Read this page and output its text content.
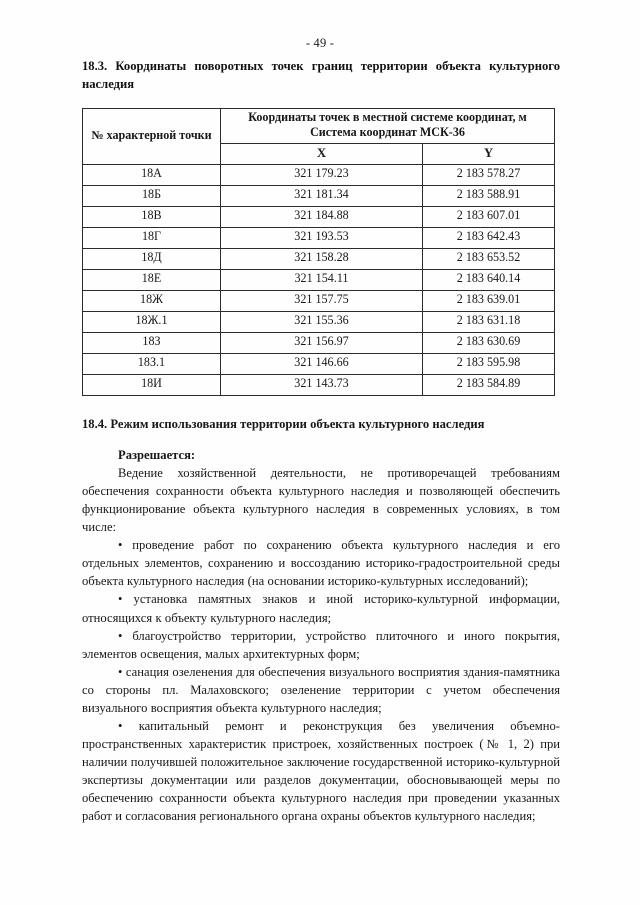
- 49 -
18.3. Координаты поворотных точек границ территории объекта культурного наследия
№ характерной точки	Координаты точек в местной системе координат, м
Система координат МСК-36	

	X	Y
18А	321 179.23	2 183 578.27
18Б	321 181.34	2 183 588.91
18В	321 184.88	2 183 607.01
18Г	321 193.53	2 183 642.43
18Д	321 158.28	2 183 653.52
18Е	321 154.11	2 183 640.14
18Ж	321 157.75	2 183 639.01
18Ж.1	321 155.36	2 183 631.18
18З	321 156.97	2 183 630.69
18З.1	321 146.66	2 183 595.98
18И	321 143.73	2 183 584.89
18.4. Режим использования территории объекта культурного наследия
Разрешается:

Ведение хозяйственной деятельности, не противоречащей требованиям обеспечения сохранности объекта культурного наследия и позволяющей обеспечить функционирование объекта культурного наследия в современных условиях, в том числе:

• проведение работ по сохранению объекта культурного наследия и его отдельных элементов, сохранению и воссозданию историко-градостроительной среды объекта культурного наследия (на основании историко-культурных исследований);

• установка памятных знаков и иной историко-культурной информации, относящихся к объекту культурного наследия;

• благоустройство территории, устройство плиточного и иного покрытия, элементов освещения, малых архитектурных форм;

• санация озеленения для обеспечения визуального восприятия здания-памятника со стороны пл. Малаховского; озеленение территории с учетом обеспечения визуального восприятия объекта культурного наследия;

• капитальный ремонт и реконструкция без увеличения объемно-пространственных характеристик пристроек, хозяйственных построек (№ 1, 2) при наличии получившей положительное заключение государственной историко-культурной экспертизы документации или разделов документации, обосновывающей меры по обеспечению сохранности объекта культурного наследия при проведении указанных работ и согласования регионального органа охраны объектов культурного наследия;
